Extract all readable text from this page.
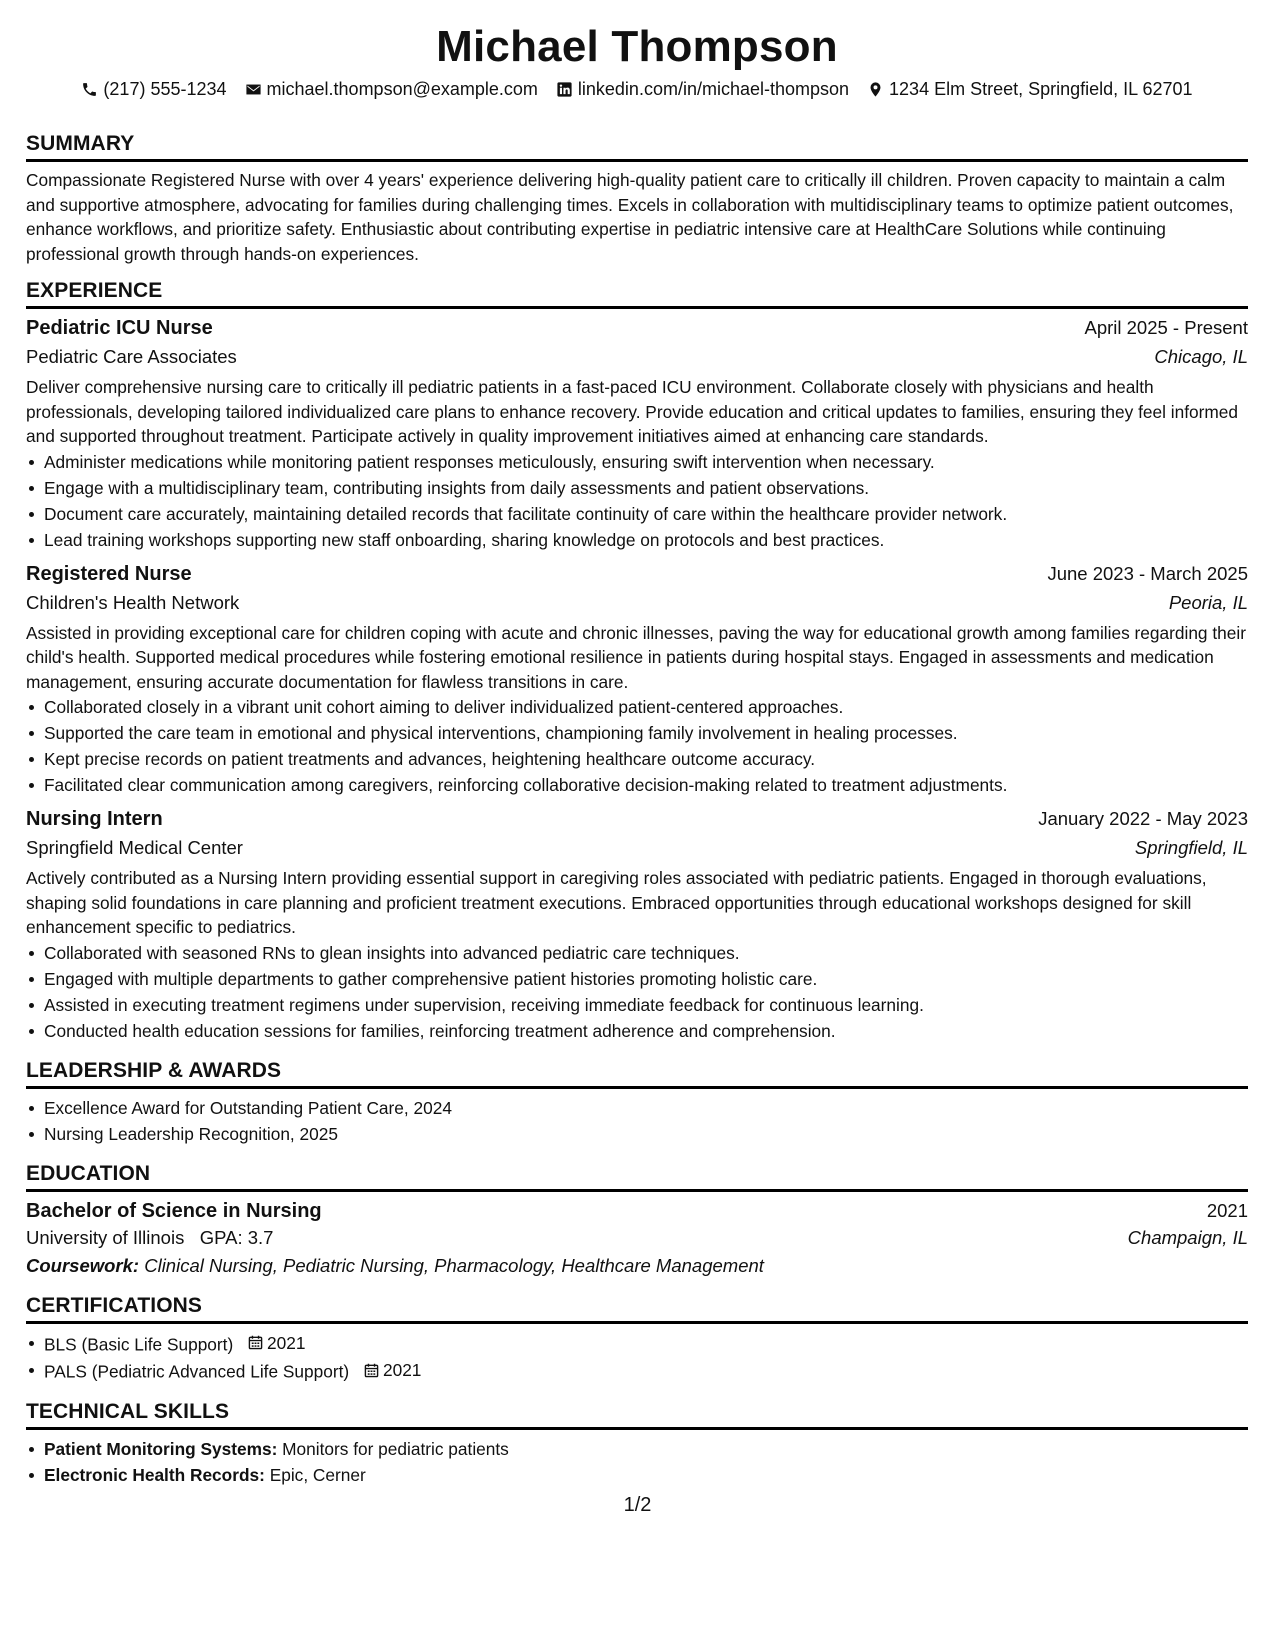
Michael Thompson
(217) 555-1234 michael.thompson@example.com linkedin.com/in/michael-thompson 1234 Elm Street, Springfield, IL 62701
SUMMARY
Compassionate Registered Nurse with over 4 years' experience delivering high-quality patient care to critically ill children. Proven capacity to maintain a calm and supportive atmosphere, advocating for families during challenging times. Excels in collaboration with multidisciplinary teams to optimize patient outcomes, enhance workflows, and prioritize safety. Enthusiastic about contributing expertise in pediatric intensive care at HealthCare Solutions while continuing professional growth through hands-on experiences.
EXPERIENCE
Pediatric ICU Nurse	April 2025 - Present
Pediatric Care Associates	Chicago, IL
Deliver comprehensive nursing care to critically ill pediatric patients in a fast-paced ICU environment. Collaborate closely with physicians and health professionals, developing tailored individualized care plans to enhance recovery. Provide education and critical updates to families, ensuring they feel informed and supported throughout treatment. Participate actively in quality improvement initiatives aimed at enhancing care standards.
Administer medications while monitoring patient responses meticulously, ensuring swift intervention when necessary.
Engage with a multidisciplinary team, contributing insights from daily assessments and patient observations.
Document care accurately, maintaining detailed records that facilitate continuity of care within the healthcare provider network.
Lead training workshops supporting new staff onboarding, sharing knowledge on protocols and best practices.
Registered Nurse	June 2023 - March 2025
Children's Health Network	Peoria, IL
Assisted in providing exceptional care for children coping with acute and chronic illnesses, paving the way for educational growth among families regarding their child's health. Supported medical procedures while fostering emotional resilience in patients during hospital stays. Engaged in assessments and medication management, ensuring accurate documentation for flawless transitions in care.
Collaborated closely in a vibrant unit cohort aiming to deliver individualized patient-centered approaches.
Supported the care team in emotional and physical interventions, championing family involvement in healing processes.
Kept precise records on patient treatments and advances, heightening healthcare outcome accuracy.
Facilitated clear communication among caregivers, reinforcing collaborative decision-making related to treatment adjustments.
Nursing Intern	January 2022 - May 2023
Springfield Medical Center	Springfield, IL
Actively contributed as a Nursing Intern providing essential support in caregiving roles associated with pediatric patients. Engaged in thorough evaluations, shaping solid foundations in care planning and proficient treatment executions. Embraced opportunities through educational workshops designed for skill enhancement specific to pediatrics.
Collaborated with seasoned RNs to glean insights into advanced pediatric care techniques.
Engaged with multiple departments to gather comprehensive patient histories promoting holistic care.
Assisted in executing treatment regimens under supervision, receiving immediate feedback for continuous learning.
Conducted health education sessions for families, reinforcing treatment adherence and comprehension.
LEADERSHIP & AWARDS
Excellence Award for Outstanding Patient Care, 2024
Nursing Leadership Recognition, 2025
EDUCATION
Bachelor of Science in Nursing	2021
University of Illinois GPA: 3.7	Champaign, IL
Coursework: Clinical Nursing, Pediatric Nursing, Pharmacology, Healthcare Management
CERTIFICATIONS
BLS (Basic Life Support) 2021
PALS (Pediatric Advanced Life Support) 2021
TECHNICAL SKILLS
Patient Monitoring Systems: Monitors for pediatric patients
Electronic Health Records: Epic, Cerner
1/2
